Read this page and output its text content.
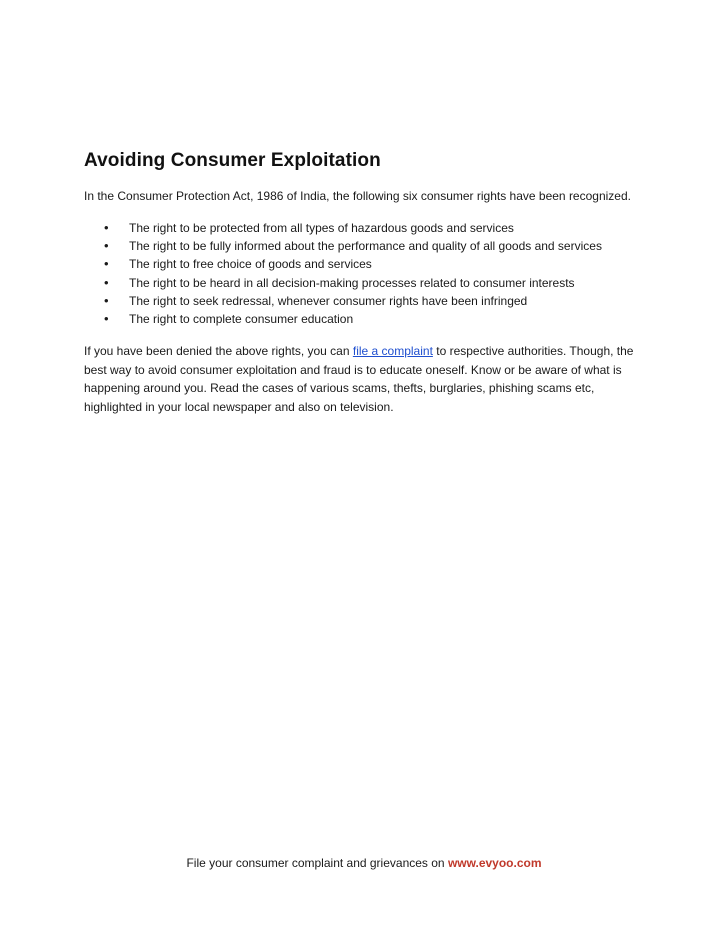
Avoiding Consumer Exploitation

In the Consumer Protection Act, 1986 of India, the following six consumer rights have been recognized.

• The right to be protected from all types of hazardous goods and services
• The right to be fully informed about the performance and quality of all goods and services
• The right to free choice of goods and services
• The right to be heard in all decision-making processes related to consumer interests
• The right to seek redressal, whenever consumer rights have been infringed
• The right to complete consumer education

If you have been denied the above rights, you can file a complaint to respective authorities. Though, the best way to avoid consumer exploitation and fraud is to educate oneself. Know or be aware of what is happening around you. Read the cases of various scams, thefts, burglaries, phishing scams etc, highlighted in your local newspaper and also on television.

File your consumer complaint and grievances on www.evyoo.com
